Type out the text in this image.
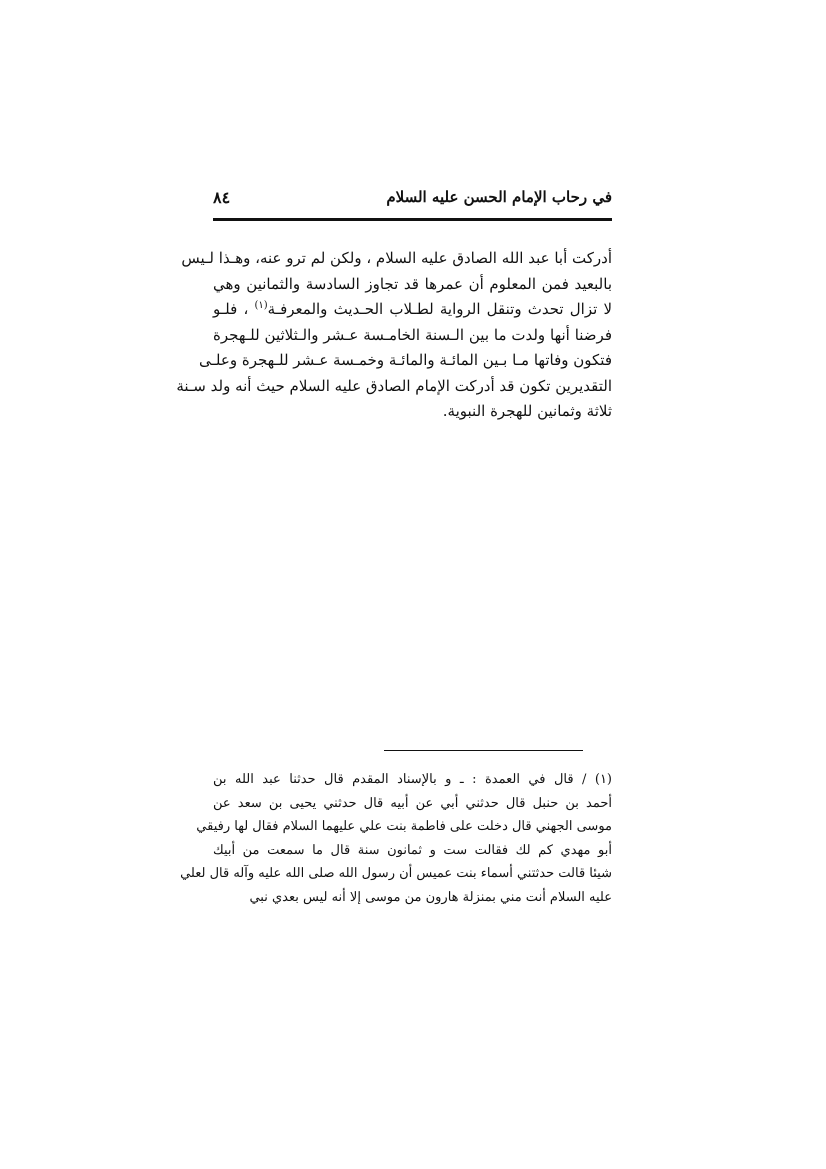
في رحاب الإمام الحسن عليه السلام
٨٤
أدركت أبا عبد الله الصادق عليه السلام ، ولكن لم ترو عنه، وهـذا لـيس
بالبعيد فمن المعلوم أن عمرها قد تجاوز السادسة والثمانين وهي
لا تزال تحدث وتنقل الرواية لطـلاب الحـديث والمعرفـة$^{(١)}$ ، فلـو
فرضنا أنها ولدت ما بين الـسنة الخامـسة عـشر والـثلاثين للـهجرة
فتكون وفاتها مـا بـين المائـة والمائـة وخمـسة عـشر للـهجرة وعلـى
التقديرين تكون قد أدركت الإمام الصادق عليه السلام حيث أنه ولد سـنة
ثلاثة وثمانين للهجرة النبوية.
(١) / قال في العمدة : ـ و بالإسناد المقدم قال حدثنا عبد الله بن
أحمد بن حنبل قال حدثني أبي عن أبيه قال حدثني يحيى بن سعد عن
موسى الجهني قال دخلت على فاطمة بنت علي عليهما السلام فقال لها رفيقي
أبو مهدي كم لك فقالت ست و ثمانون سنة قال ما سمعت من أبيك
شيئا قالت حدثتني أسماء بنت عميس أن رسول الله صلى الله عليه وآله قال لعلي
عليه السلام أنت مني بمنزلة هارون من موسى إلا أنه ليس بعدي نبي
